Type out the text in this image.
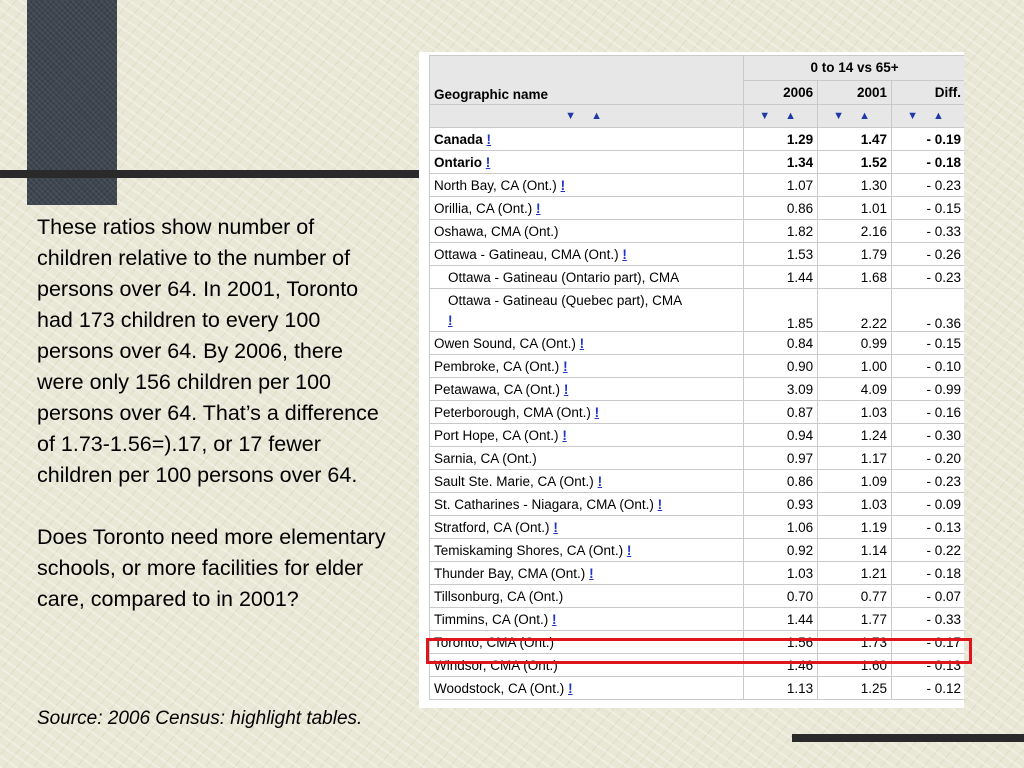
These ratios show number of children relative to the number of persons over 64. In 2001, Toronto had 173 children to every 100 persons over 64. By 2006, there were only 156 children per 100 persons over 64. That’s a difference of 1.73-1.56=).17, or 17 fewer children per 100 persons over 64.

Does Toronto need more elementary schools, or more facilities for elder care, compared to in 2001?

Source: 2006 Census: highlight tables.
Geographic name	0 to 14 vs 65+		
	2006	2001	Diff.
▼ ▲	▼ ▲	▼ ▲	▼ ▲
Canada !	1.29	1.47	- 0.19
Ontario !	1.34	1.52	- 0.18
North Bay, CA (Ont.) !	1.07	1.30	- 0.23
Orillia, CA (Ont.) !	0.86	1.01	- 0.15
Oshawa, CMA (Ont.)	1.82	2.16	- 0.33
Ottawa - Gatineau, CMA (Ont.) !	1.53	1.79	- 0.26
Ottawa - Gatineau (Ontario part), CMA	1.44	1.68	- 0.23
Ottawa - Gatineau (Quebec part), CMA
!	1.85	2.22	- 0.36
Owen Sound, CA (Ont.) !	0.84	0.99	- 0.15
Pembroke, CA (Ont.) !	0.90	1.00	- 0.10
Petawawa, CA (Ont.) !	3.09	4.09	- 0.99
Peterborough, CMA (Ont.) !	0.87	1.03	- 0.16
Port Hope, CA (Ont.) !	0.94	1.24	- 0.30
Sarnia, CA (Ont.)	0.97	1.17	- 0.20
Sault Ste. Marie, CA (Ont.) !	0.86	1.09	- 0.23
St. Catharines - Niagara, CMA (Ont.) !	0.93	1.03	- 0.09
Stratford, CA (Ont.) !	1.06	1.19	- 0.13
Temiskaming Shores, CA (Ont.) !	0.92	1.14	- 0.22
Thunder Bay, CMA (Ont.) !	1.03	1.21	- 0.18
Tillsonburg, CA (Ont.)	0.70	0.77	- 0.07
Timmins, CA (Ont.) !	1.44	1.77	- 0.33
Toronto, CMA (Ont.)	1.56	1.73	- 0.17
Windsor, CMA (Ont.)	1.46	1.60	- 0.13
Woodstock, CA (Ont.) !	1.13	1.25	- 0.12
